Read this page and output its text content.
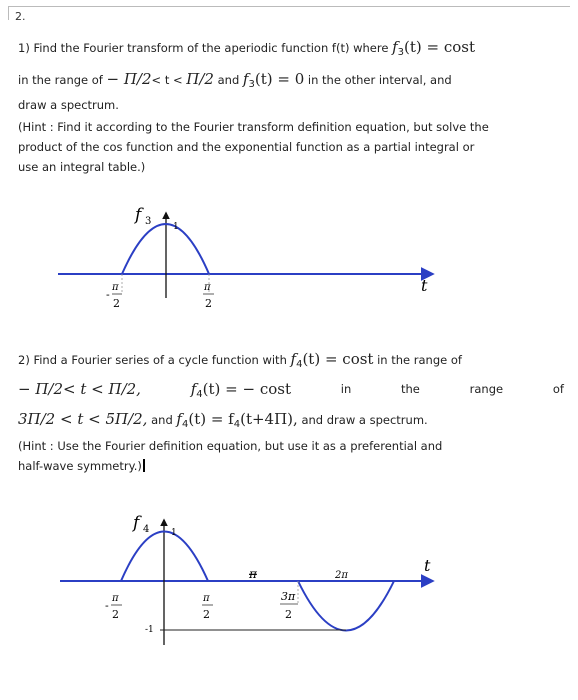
2.
1) Find the Fourier transform of the aperiodic function f(t) where f3(t) = cost
in the range of − Π/2< t < Π/2 and f3(t) = 0 in the other interval, and
draw a spectrum.
(Hint : Find it according to the Fourier transform definition equation, but solve the
product of the cos function and the exponential function as a partial integral or
use an integral table.)
f 3 1
t
-
π
2
π
2
2) Find a Fourier series of a cycle function with f4(t) = cost in the range of
− Π/2< t < Π/2,	f4(t) = − cost	in	the	range	of
3Π/2 < t < 5Π/2, and f4(t) = f4(t+4Π), and draw a spectrum.
(Hint : Use the Fourier definition equation, but use it as a preferential and
half-wave symmetry.)
f 4 1
t
-
π
2
π
2
π
3π
2
2π
-1
